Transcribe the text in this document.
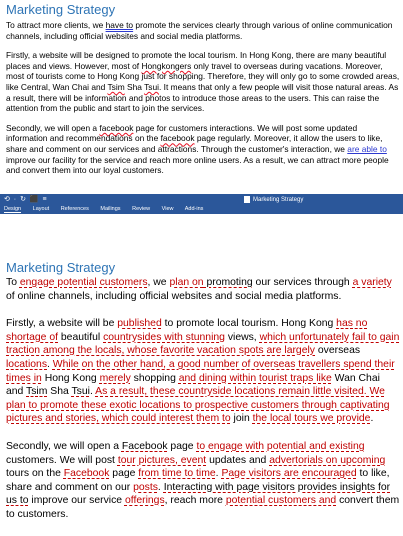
Marketing Strategy

To attract more clients, we have to promote the services clearly through various of online communication channels, including official websites and social media platforms.

Firstly, a website will be designed to promote the local tourism. In Hong Kong, there are many beautiful places and views. However, most of Hongkongers only travel to overseas during vacations. Moreover, most of tourists come to Hong Kong just for shopping. Therefore, they will only go to some crowded areas, like Central, Wan Chai and Tsim Sha Tsui. It means that only a few people will visit those natural areas. As a result, there will be information and photos to introduce those areas to the users. This can raise the attention from the public and start to join the services.

Secondly, we will open a facebook page for customers interactions. We will post some updated information and recommendations on the facebook page regularly. Moreover, it allow the users to like, share and comment on our services and attractions. Through the customer's interaction, we are able to improve our facility for the service and reach more online users. As a result, we can attract more people and convert them into our loyal customers.

⟲ · ↻ ⬛ ≡	Marketing Strategy
Design Layout References Mailings Review View Add-ins
Marketing Strategy

To engage potential customers, we plan on promoting our services through a variety of online channels, including official websites and social media platforms.

Firstly, a website will be published to promote local tourism. Hong Kong has no shortage of beautiful countrysides with stunning views, which unfortunately fail to gain traction among the locals, whose favorite vacation spots are largely overseas locations. While on the other hand, a good number of overseas travellers spend their times in Hong Kong merely shopping and dining within tourist traps like Wan Chai and Tsim Sha Tsui. As a result, these countryside locations remain little visited. We plan to promote these exotic locations to prospective customers through captivating pictures and stories, which could interest them to join the local tours we provide.

Secondly, we will open a Facebook page to engage with potential and existing customers. We will post tour pictures, event updates and advertorials on upcoming tours on the Facebook page from time to time. Page visitors are encouraged to like, share and comment on our posts. Interacting with page visitors provides insights for us to improve our service offerings, reach more potential customers and convert them to customers.
